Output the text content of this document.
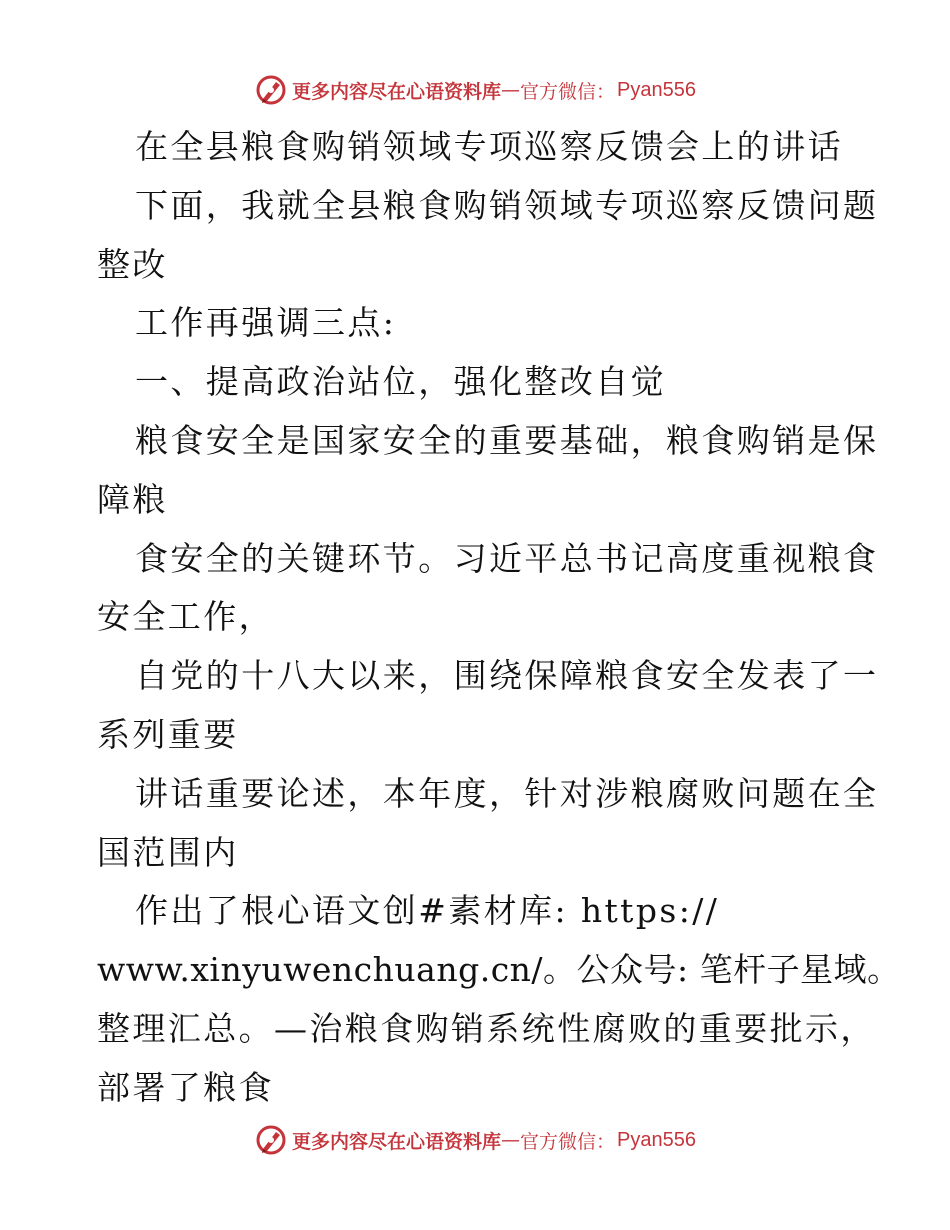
更多内容尽在心语资料库 — 官方微信： Pyan556
在全县粮食购销领域专项巡察反馈会上的讲话
下面，我就全县粮食购销领域专项巡察反馈问题
整改
工作再强调三点:
一、提高政治站位，强化整改自觉
粮食安全是国家安全的重要基础，粮食购销是保
障粮
食安全的关键环节。习近平总书记高度重视粮食
安全工作，
自党的十八大以来，围绕保障粮食安全发表了一
系列重要
讲话重要论述，本年度，针对涉粮腐败问题在全
国范围内
作出了根心语文创#素材库: https://
www.xinyuwenchuang.cn/。公众号: 笔杆子星域。
整理汇总。—治粮食购销系统性腐败的重要批示，
部署了粮食
更多内容尽在心语资料库 — 官方微信： Pyan556
